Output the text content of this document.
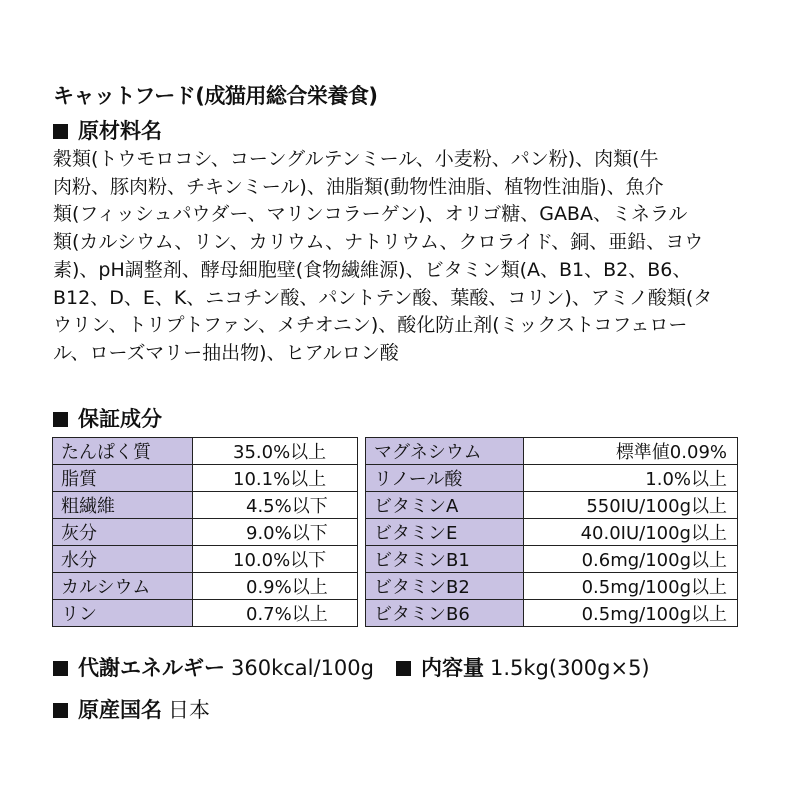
キャットフード(成猫用総合栄養食)
原材料名
穀類(トウモロコシ、コーングルテンミール、小麦粉、パン粉)、肉類(牛
肉粉、豚肉粉、チキンミール)、油脂類(動物性油脂、植物性油脂)、魚介
類(フィッシュパウダー、マリンコラーゲン)、オリゴ糖、GABA、ミネラル
類(カルシウム、リン、カリウム、ナトリウム、クロライド、銅、亜鉛、ヨウ
素)、pH調整剤、酵母細胞壁(食物繊維源)、ビタミン類(A、B1、B2、B6、
B12、D、E、K、ニコチン酸、パントテン酸、葉酸、コリン)、アミノ酸類(タ
ウリン、トリプトファン、メチオニン)、酸化防止剤(ミックストコフェロー
ル、ローズマリー抽出物)、ヒアルロン酸
保証成分
たんぱく質	35.0%以上
脂質	10.1%以上
粗繊維	4.5%以下
灰分	9.0%以下
水分	10.0%以下
カルシウム	0.9%以上
リン	0.7%以上
マグネシウム	標準値0.09%
リノール酸	1.0%以上
ビタミンA	550IU/100g以上
ビタミンE	40.0IU/100g以上
ビタミンB1	0.6mg/100g以上
ビタミンB2	0.5mg/100g以上
ビタミンB6	0.5mg/100g以上
代謝エネルギー 360kcal/100g 内容量 1.5kg(300g×5)
原産国名 日本
